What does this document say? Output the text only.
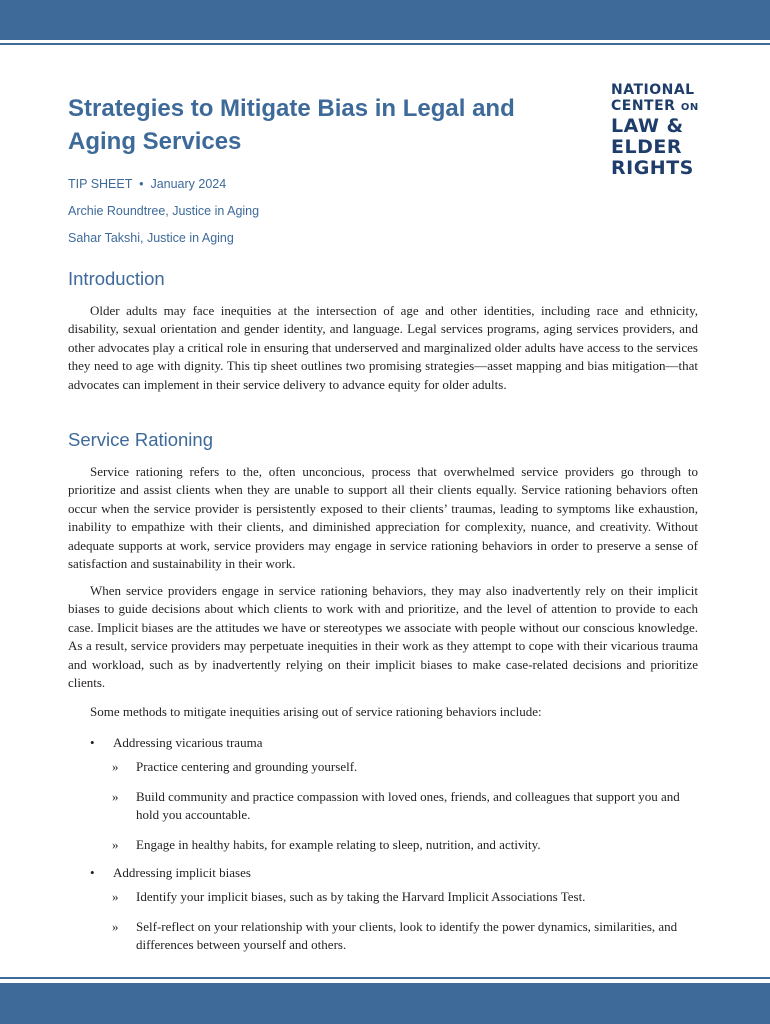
Strategies to Mitigate Bias in Legal and
Aging Services
NATIONAL
CENTER ON
LAW &
ELDER
RIGHTS

TIP SHEET • January 2024

Archie Roundtree, Justice in Aging

Sahar Takshi, Justice in Aging

Introduction

Older adults may face inequities at the intersection of age and other identities, including race and ethnicity, disability, sexual orientation and gender identity, and language. Legal services programs, aging services providers, and other advocates play a critical role in ensuring that underserved and marginalized older adults have access to the services they need to age with dignity. This tip sheet outlines two promising strategies—asset mapping and bias mitigation—that advocates can implement in their service delivery to advance equity for older adults.

Service Rationing

Service rationing refers to the, often unconcious, process that overwhelmed service providers go through to prioritize and assist clients when they are unable to support all their clients equally. Service rationing behaviors often occur when the service provider is persistently exposed to their clients’ traumas, leading to symptoms like exhaustion, inability to empathize with their clients, and diminished appreciation for complexity, nuance, and creativity. Without adequate supports at work, service providers may engage in service rationing behaviors in order to preserve a sense of satisfaction and sustainability in their work.

When service providers engage in service rationing behaviors, they may also inadvertently rely on their implicit biases to guide decisions about which clients to work with and prioritize, and the level of attention to provide to each case. Implicit biases are the attitudes we have or stereotypes we associate with people without our conscious knowledge. As a result, service providers may perpetuate inequities in their work as they attempt to cope with their vicarious trauma and workload, such as by inadvertently relying on their implicit biases to make case-related decisions and prioritize clients.

Some methods to mitigate inequities arising out of service rationing behaviors include:

• Addressing vicarious trauma
» Practice centering and grounding yourself.
» Build community and practice compassion with loved ones, friends, and colleagues that support you and hold you accountable.
» Engage in healthy habits, for example relating to sleep, nutrition, and activity.
• Addressing implicit biases
» Identify your implicit biases, such as by taking the Harvard Implicit Associations Test.
» Self-reflect on your relationship with your clients, look to identify the power dynamics, similarities, and differences between yourself and others.
